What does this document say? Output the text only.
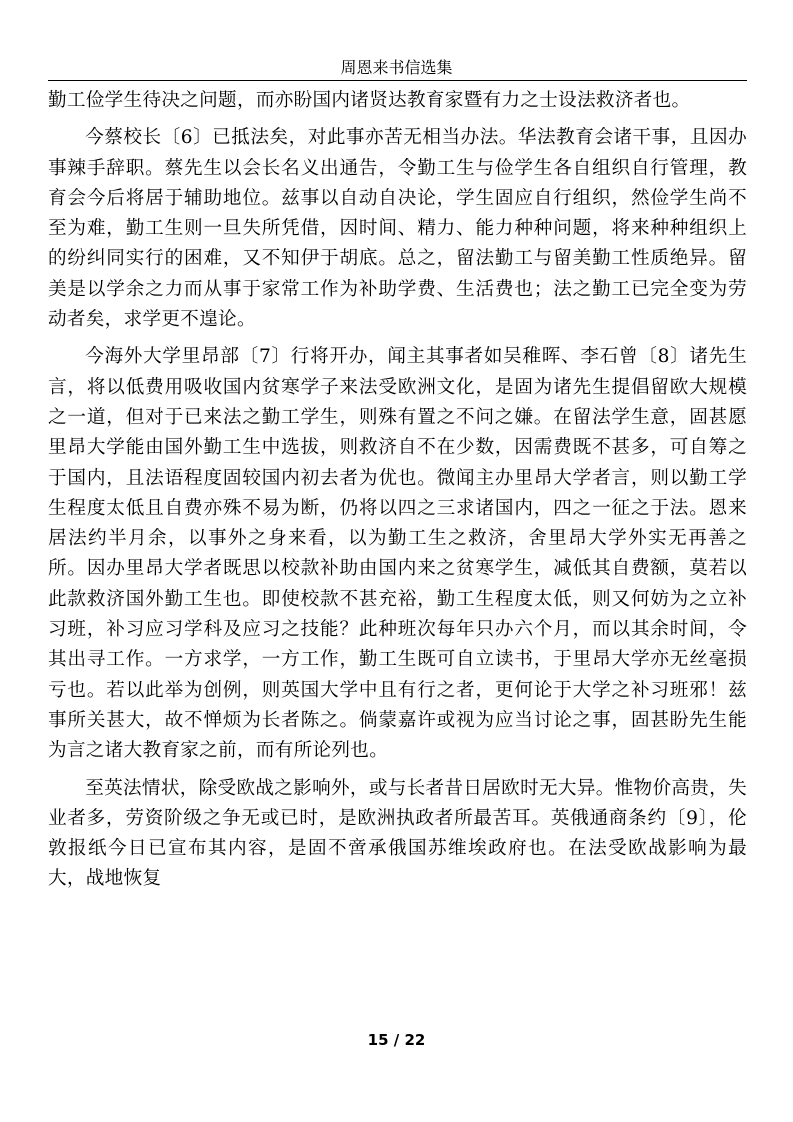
周恩来书信选集

勤工俭学生待决之问题，而亦盼国内诸贤达教育家暨有力之士设法救济者也。

今蔡校长〔6〕已抵法矣，对此事亦苦无相当办法。华法教育会诸干事，且因办事辣手辞职。蔡先生以会长名义出通告，令勤工生与俭学生各自组织自行管理，教育会今后将居于辅助地位。兹事以自动自决论，学生固应自行组织，然俭学生尚不至为难，勤工生则一旦失所凭借，因时间、精力、能力种种问题，将来种种组织上的纷纠同实行的困难，又不知伊于胡底。总之，留法勤工与留美勤工性质绝异。留美是以学余之力而从事于家常工作为补助学费、生活费也；法之勤工已完全变为劳动者矣，求学更不遑论。

今海外大学里昂部〔7〕行将开办，闻主其事者如吴稚晖、李石曾〔8〕诸先生言，将以低费用吸收国内贫寒学子来法受欧洲文化，是固为诸先生提倡留欧大规模之一道，但对于已来法之勤工学生，则殊有置之不问之嫌。在留法学生意，固甚愿里昂大学能由国外勤工生中选拔，则救济自不在少数，因需费既不甚多，可自筹之于国内，且法语程度固较国内初去者为优也。微闻主办里昂大学者言，则以勤工学生程度太低且自费亦殊不易为断，仍将以四之三求诸国内，四之一征之于法。恩来居法约半月余，以事外之身来看，以为勤工生之救济，舍里昂大学外实无再善之所。因办里昂大学者既思以校款补助由国内来之贫寒学生，减低其自费额，莫若以此款救济国外勤工生也。即使校款不甚充裕，勤工生程度太低，则又何妨为之立补习班，补习应习学科及应习之技能？此种班次每年只办六个月，而以其余时间，令其出寻工作。一方求学，一方工作，勤工生既可自立读书，于里昂大学亦无丝毫损亏也。若以此举为创例，则英国大学中且有行之者，更何论于大学之补习班邪！兹事所关甚大，故不惮烦为长者陈之。倘蒙嘉许或视为应当讨论之事，固甚盼先生能为言之诸大教育家之前，而有所论列也。

至英法情状，除受欧战之影响外，或与长者昔日居欧时无大异。惟物价高贵，失业者多，劳资阶级之争无或已时，是欧洲执政者所最苦耳。英俄通商条约〔9〕，伦敦报纸今日已宣布其内容，是固不啻承俄国苏维埃政府也。在法受欧战影响为最大，战地恢复

15 / 22
